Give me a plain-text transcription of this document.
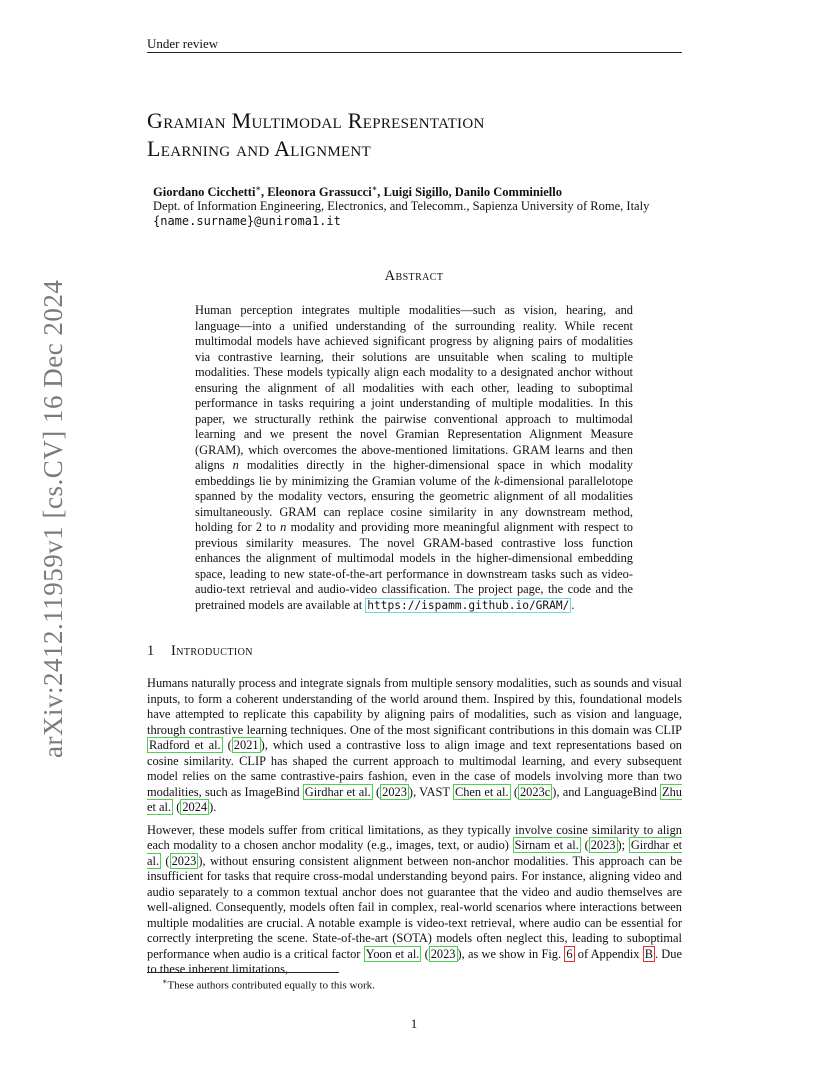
Under review
arXiv:2412.11959v1 [cs.CV] 16 Dec 2024
Gramian Multimodal Representation
Learning and Alignment
Giordano Cicchetti∗, Eleonora Grassucci∗, Luigi Sigillo, Danilo Comminiello
Dept. of Information Engineering, Electronics, and Telecomm., Sapienza University of Rome, Italy
{name.surname}@uniroma1.it
Abstract
Human perception integrates multiple modalities—such as vision, hearing, and language—into a unified understanding of the surrounding reality. While recent multimodal models have achieved significant progress by aligning pairs of modalities via contrastive learning, their solutions are unsuitable when scaling to multiple modalities. These models typically align each modality to a designated anchor without ensuring the alignment of all modalities with each other, leading to suboptimal performance in tasks requiring a joint understanding of multiple modalities. In this paper, we structurally rethink the pairwise conventional approach to multimodal learning and we present the novel Gramian Representation Alignment Measure (GRAM), which overcomes the above-mentioned limitations. GRAM learns and then aligns n modalities directly in the higher-dimensional space in which modality embeddings lie by minimizing the Gramian volume of the k-dimensional parallelotope spanned by the modality vectors, ensuring the geometric alignment of all modalities simultaneously. GRAM can replace cosine similarity in any downstream method, holding for 2 to n modality and providing more meaningful alignment with respect to previous similarity measures. The novel GRAM-based contrastive loss function enhances the alignment of multimodal models in the higher-dimensional embedding space, leading to new state-of-the-art performance in downstream tasks such as video-audio-text retrieval and audio-video classification. The project page, the code and the pretrained models are available at https://ispamm.github.io/GRAM/ .
1 Introduction

Humans naturally process and integrate signals from multiple sensory modalities, such as sounds and visual inputs, to form a coherent understanding of the world around them. Inspired by this, foundational models have attempted to replicate this capability by aligning pairs of modalities, such as vision and language, through contrastive learning techniques. One of the most significant contributions in this domain was CLIP Radford et al. ( 2021 ), which used a contrastive loss to align image and text representations based on cosine similarity. CLIP has shaped the current approach to multimodal learning, and every subsequent model relies on the same contrastive-pairs fashion, even in the case of models involving more than two modalities, such as ImageBind Girdhar et al. ( 2023 ), VAST Chen et al. ( 2023c ), and LanguageBind Zhu et al. ( 2024 ).

However, these models suffer from critical limitations, as they typically involve cosine similarity to align each modality to a chosen anchor modality (e.g., images, text, or audio) Sirnam et al. ( 2023 ); Girdhar et al. ( 2023 ), without ensuring consistent alignment between non-anchor modalities. This approach can be insufficient for tasks that require cross-modal understanding beyond pairs. For instance, aligning video and audio separately to a common textual anchor does not guarantee that the video and audio themselves are well-aligned. Consequently, models often fail in complex, real-world scenarios where interactions between multiple modalities are crucial. A notable example is video-text retrieval, where audio can be essential for correctly interpreting the scene. State-of-the-art (SOTA) models often neglect this, leading to suboptimal performance when audio is a critical factor Yoon et al. ( 2023 ), as we show in Fig. 6 of Appendix B . Due to these inherent limitations,

∗These authors contributed equally to this work.
1
